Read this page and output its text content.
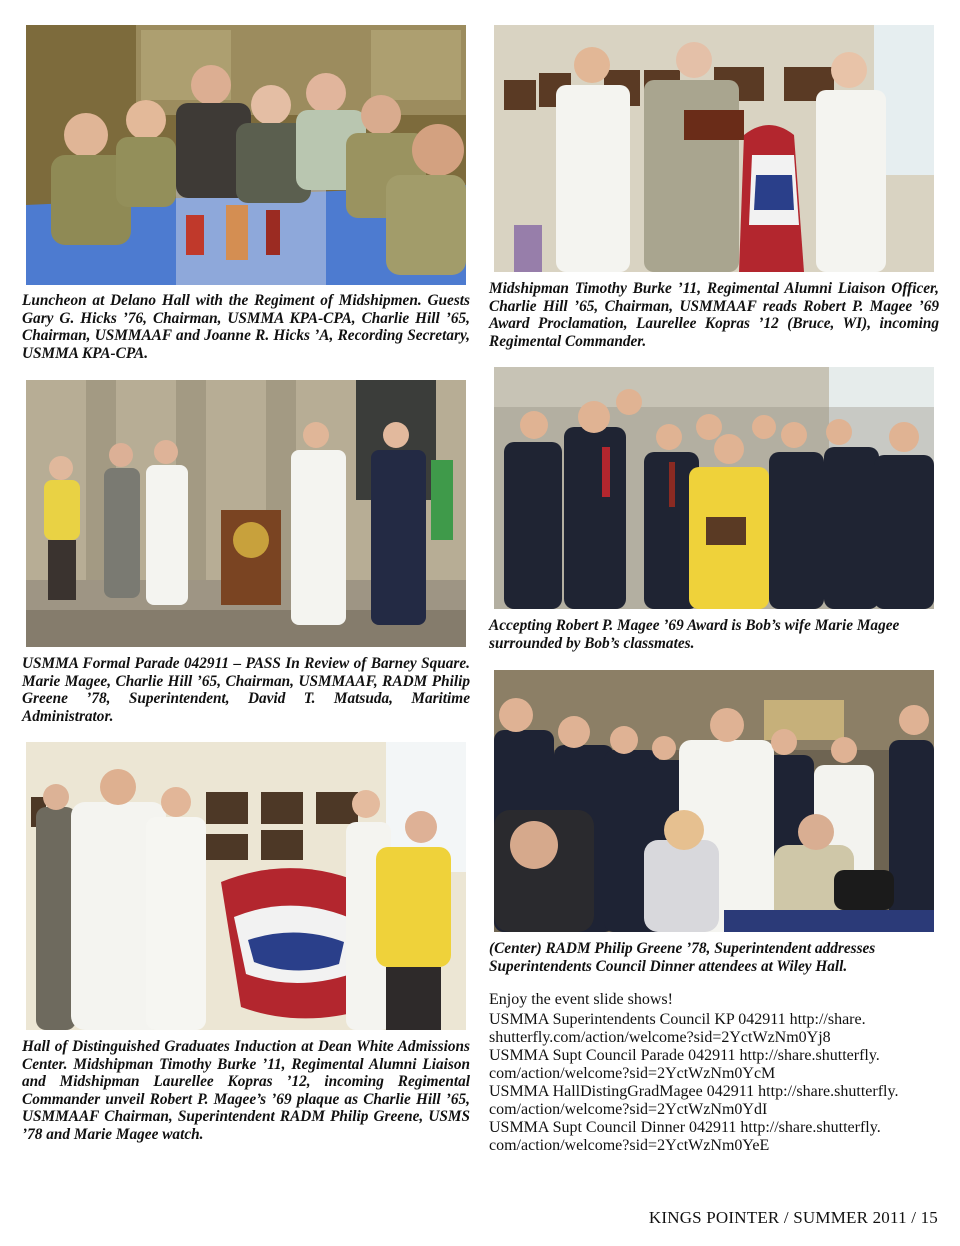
Luncheon at Delano Hall with the Regiment of Midshipmen. Guests Gary G. Hicks ’76, Chairman, USMMA KPA-CPA, Charlie Hill ’65, Chairman, USMMAAF and Joanne R. Hicks ’A, Recording Secretary, USMMA KPA-CPA.

Midshipman Timothy Burke ’11, Regimental Alumni Liaison Officer, Charlie Hill ’65, Chairman, USMMAAF reads Robert P. Magee ’69 Award Proclamation, Laurellee Kopras ’12 (Bruce, WI), incoming Regimental Commander.

USMMA Formal Parade 042911 – PASS In Review of Barney Square. Marie Magee, Charlie Hill ’65, Chairman, USMMAAF, RADM Philip Greene ’78, Superintendent, David T. Matsuda, Maritime Administrator.

Accepting Robert P. Magee ’69 Award is Bob’s wife Marie Magee surrounded by Bob’s classmates.

Hall of Distinguished Graduates Induction at Dean White Admissions Center. Midshipman Timothy Burke ’11, Regimental Alumni Liaison and Midshipman Laurellee Kopras ’12, incoming Regimental Commander unveil Robert P. Magee’s ’69 plaque as Charlie Hill ’65, USMMAAF Chairman, Superintendent RADM Philip Greene, USMS ’78 and Marie Magee watch.

(Center) RADM Philip Greene ’78, Superintendent addresses Superintendents Council Dinner attendees at Wiley Hall.

Enjoy the event slide shows!

USMMA Superintendents Council KP 042911 http://share.
shutterfly.com/action/welcome?sid=2YctWzNm0Yj8

USMMA Supt Council Parade 042911 http://share.shutterfly.
com/action/welcome?sid=2YctWzNm0YcM

USMMA HallDistingGradMagee 042911 http://share.shutterfly.
com/action/welcome?sid=2YctWzNm0YdI

USMMA Supt Council Dinner 042911 http://share.shutterfly.
com/action/welcome?sid=2YctWzNm0YeE

KINGS POINTER / SUMMER 2011 / 15
